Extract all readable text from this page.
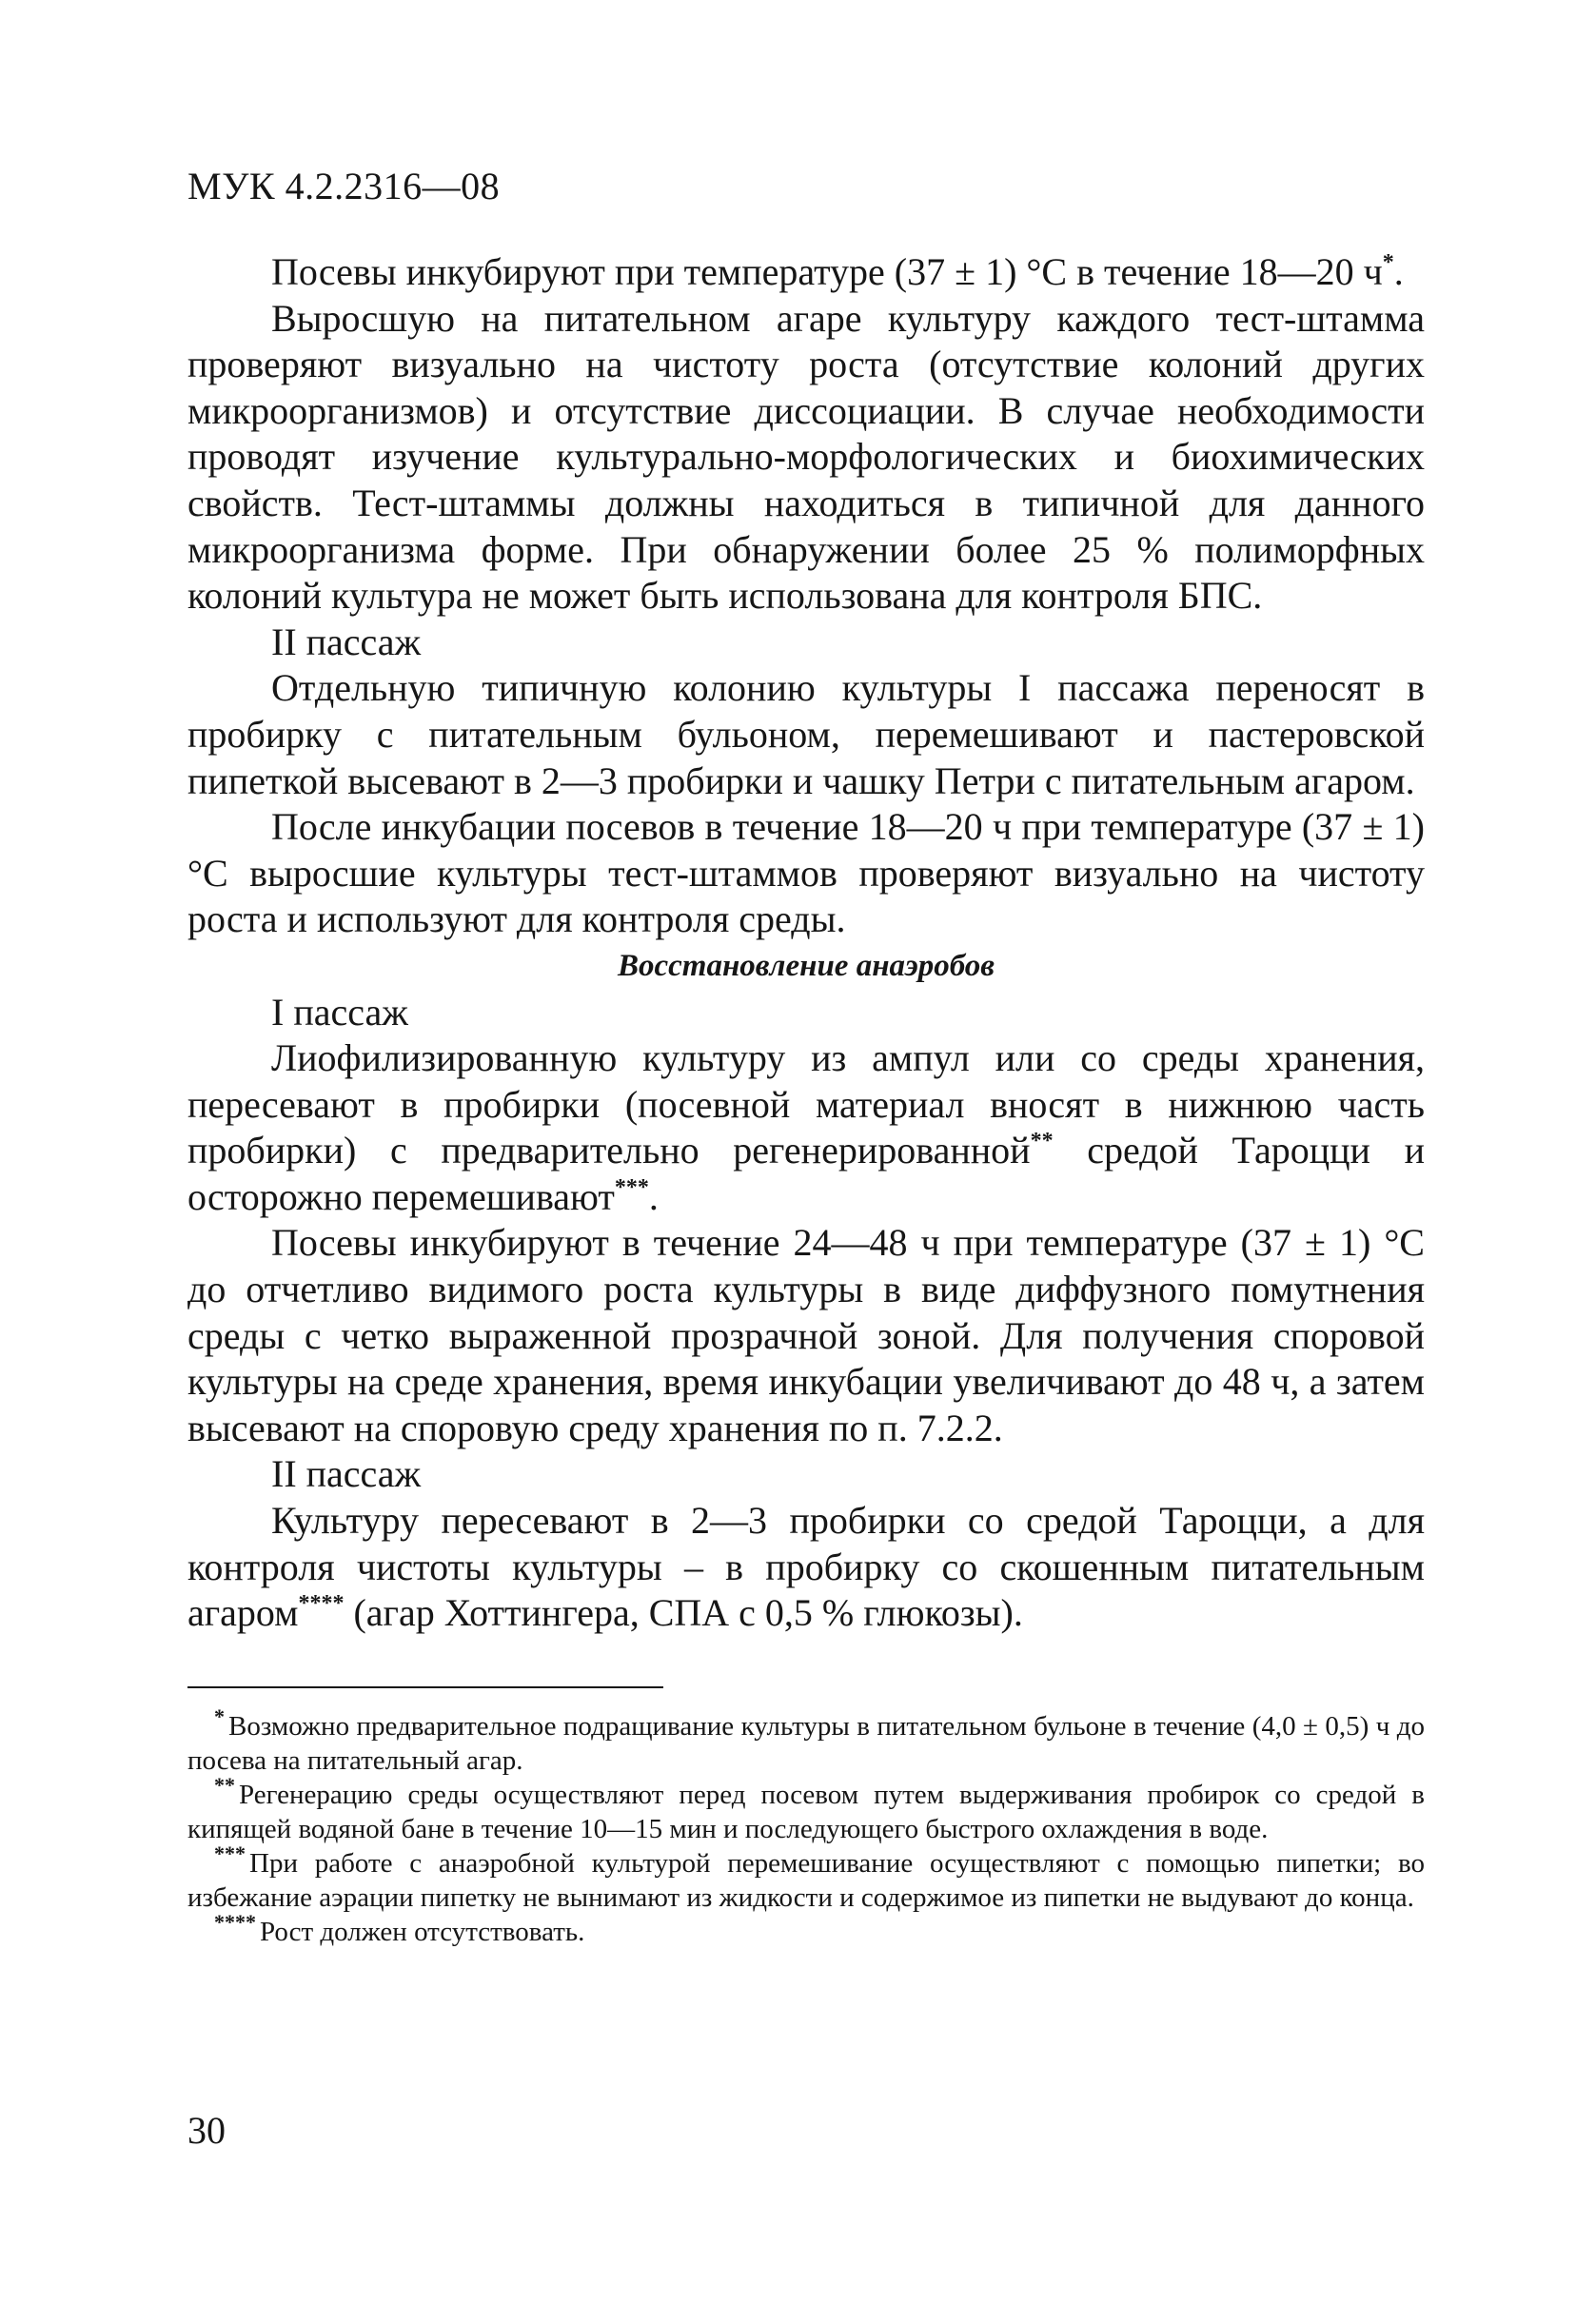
МУК 4.2.2316—08

Посевы инкубируют при температуре (37 ± 1) °С в течение 18—20 ч*.

Выросшую на питательном агаре культуру каждого тест-штамма проверяют визуально на чистоту роста (отсутствие колоний других микроорганизмов) и отсутствие диссоциации. В случае необходимости проводят изучение культурально-морфологических и биохимических свойств. Тест-штаммы должны находиться в типичной для данного микроорганизма форме. При обнаружении более 25 % полиморфных колоний культура не может быть использована для контроля БПС.

II пассаж

Отдельную типичную колонию культуры I пассажа переносят в пробирку с питательным бульоном, перемешивают и пастеровской пипеткой высевают в 2—3 пробирки и чашку Петри с питательным агаром.

После инкубации посевов в течение 18—20 ч при температуре (37 ± 1) °С выросшие культуры тест-штаммов проверяют визуально на чистоту роста и используют для контроля среды.

Восстановление анаэробов

I пассаж

Лиофилизированную культуру из ампул или со среды хранения, пересевают в пробирки (посевной материал вносят в нижнюю часть пробирки) с предварительно регенерированной** средой Тароцци и осторожно перемешивают***.

Посевы инкубируют в течение 24—48 ч при температуре (37 ± 1) °С до отчетливо видимого роста культуры в виде диффузного помутнения среды с четко выраженной прозрачной зоной. Для получения споровой культуры на среде хранения, время инкубации увеличивают до 48 ч, а затем высевают на споровую среду хранения по п. 7.2.2.

II пассаж

Культуру пересевают в 2—3 пробирки со средой Тароцци, а для контроля чистоты культуры – в пробирку со скошенным питательным агаром**** (агар Хоттингера, СПА с 0,5 % глюкозы).

* Возможно предварительное подращивание культуры в питательном бульоне в течение (4,0 ± 0,5) ч до посева на питательный агар.

** Регенерацию среды осуществляют перед посевом путем выдерживания пробирок со средой в кипящей водяной бане в течение 10—15 мин и последующего быстрого охлаждения в воде.

*** При работе с анаэробной культурой перемешивание осуществляют с помощью пипетки; во избежание аэрации пипетку не вынимают из жидкости и содержимое из пипетки не выдувают до конца.

**** Рост должен отсутствовать.

30
